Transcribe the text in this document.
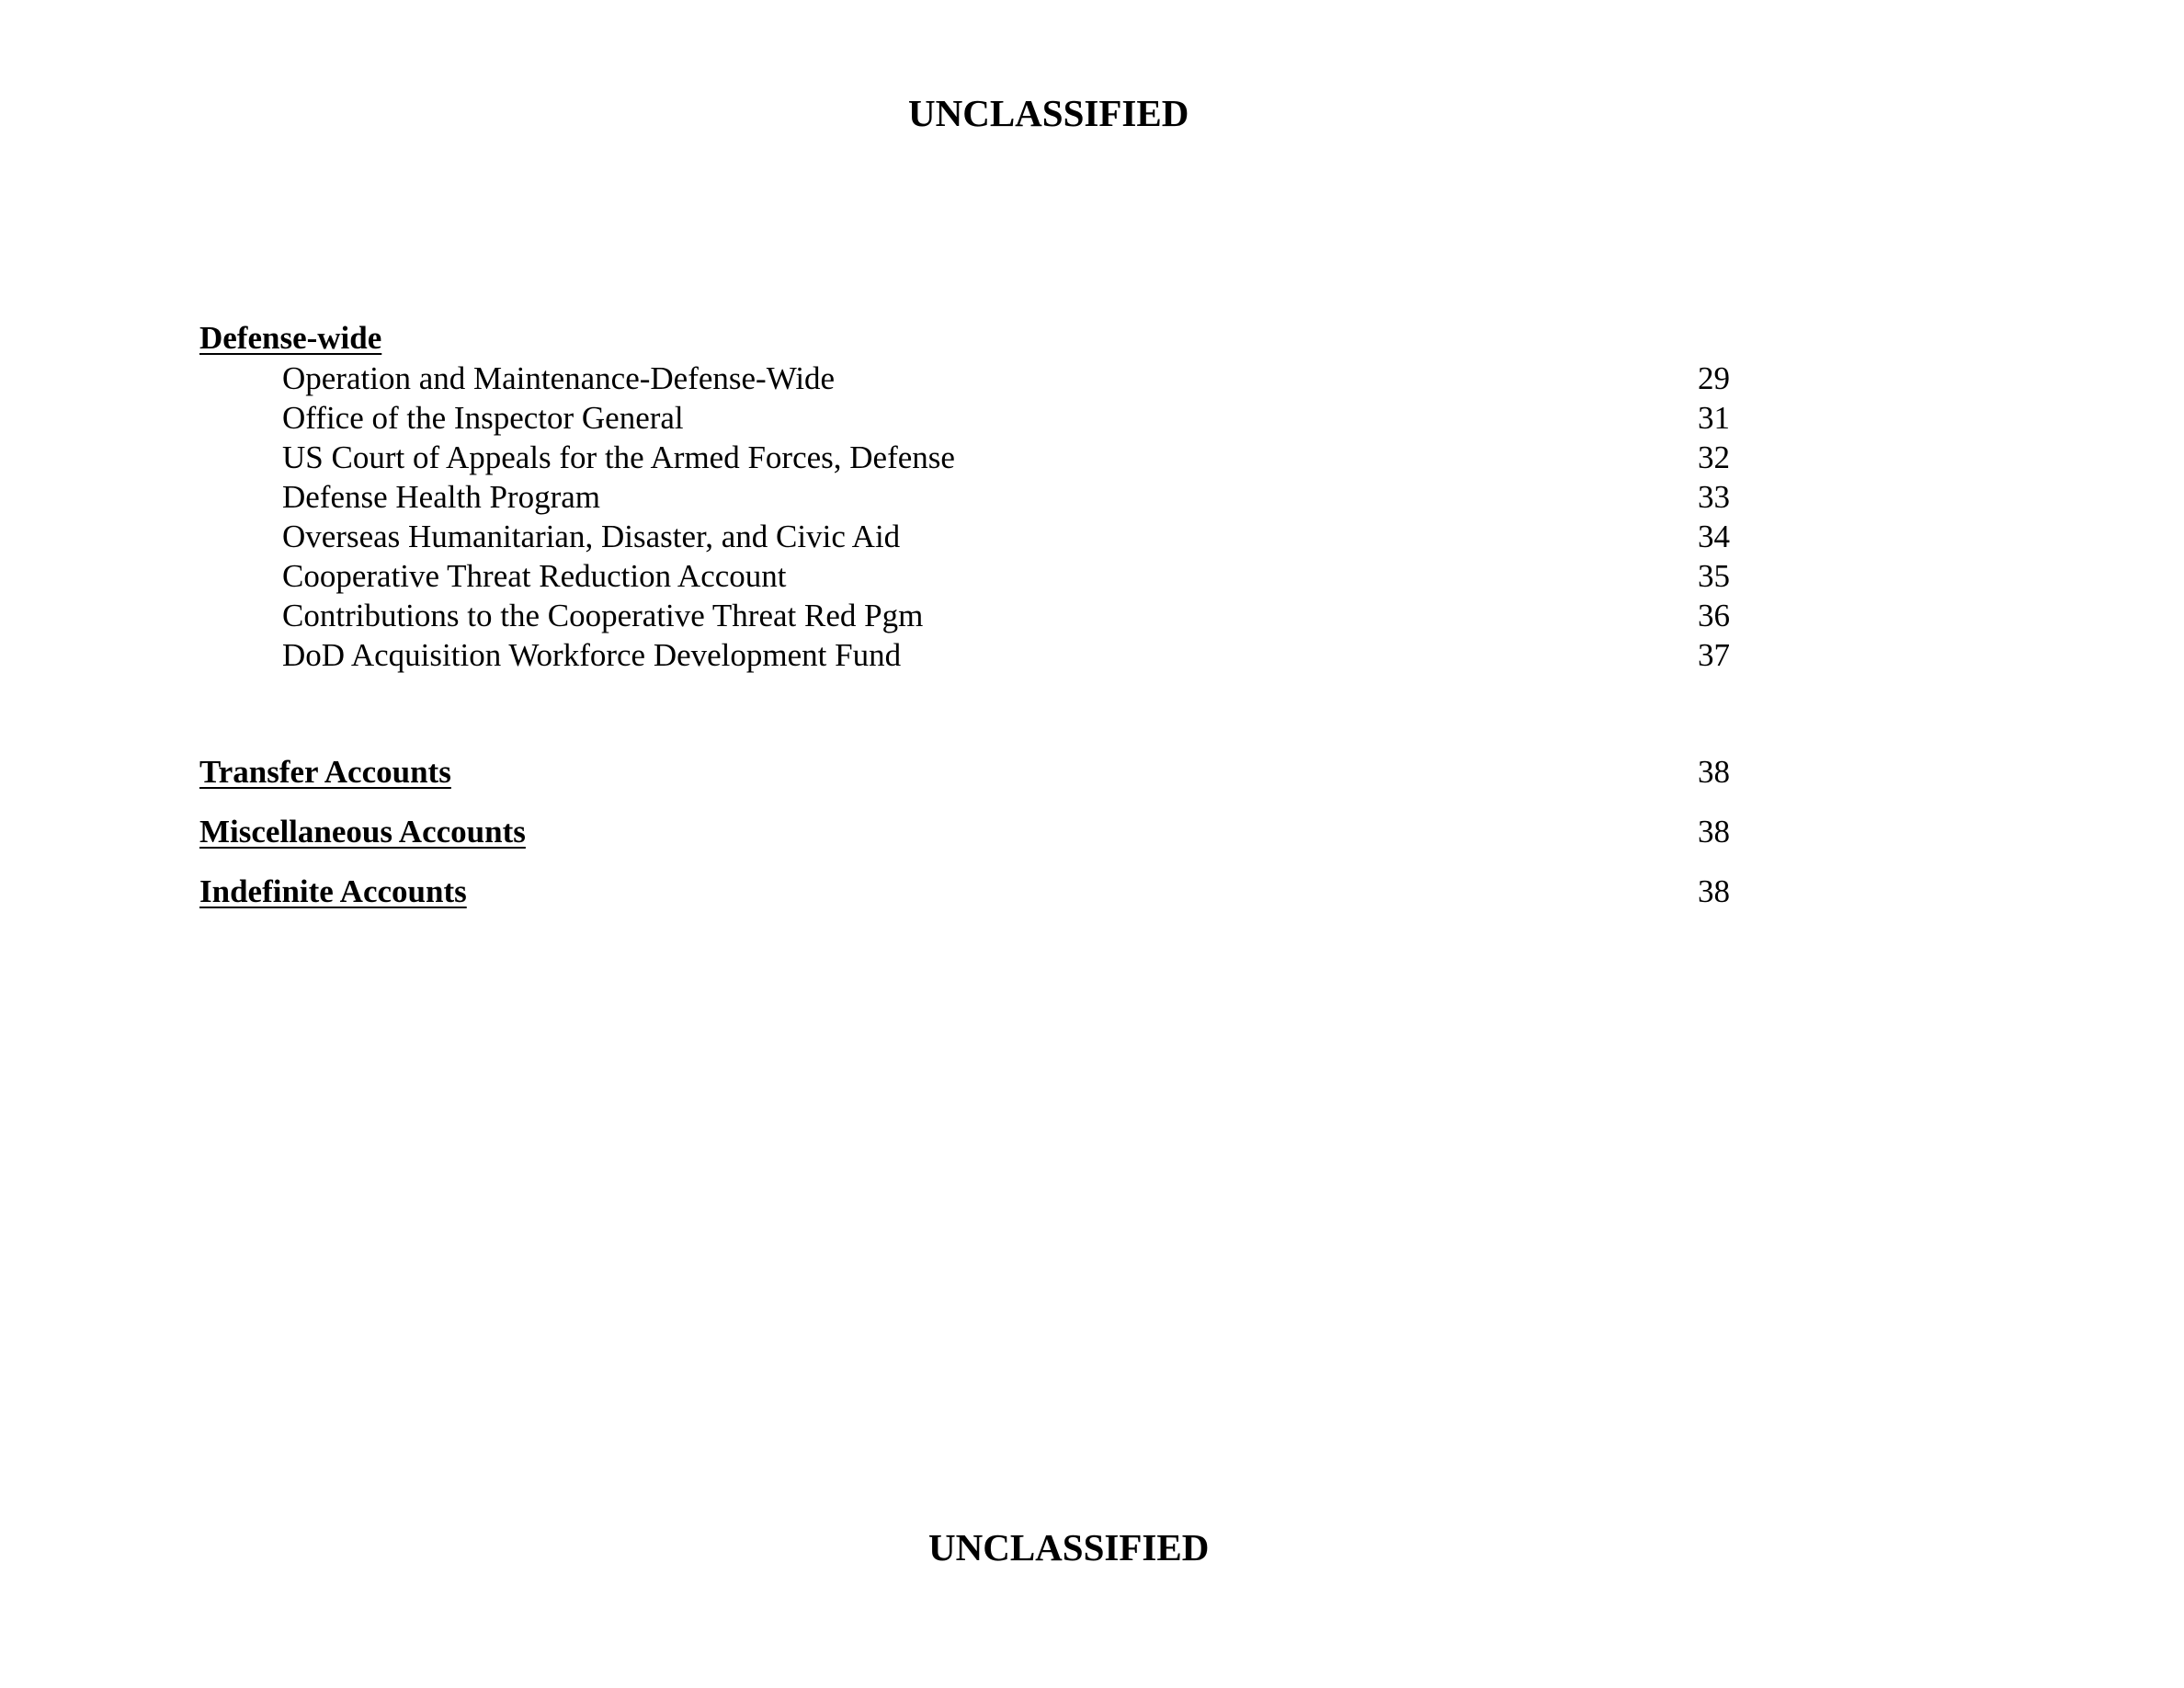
UNCLASSIFIED
Defense-wide
Operation and Maintenance-Defense-Wide	29
Office of the Inspector General	31
US Court of Appeals for the Armed Forces, Defense	32
Defense Health Program	33
Overseas Humanitarian, Disaster, and Civic Aid	34
Cooperative Threat Reduction Account	35
Contributions to the Cooperative Threat Red Pgm	36
DoD Acquisition Workforce Development Fund	37
Transfer Accounts	38
Miscellaneous Accounts	38
Indefinite Accounts	38
UNCLASSIFIED
